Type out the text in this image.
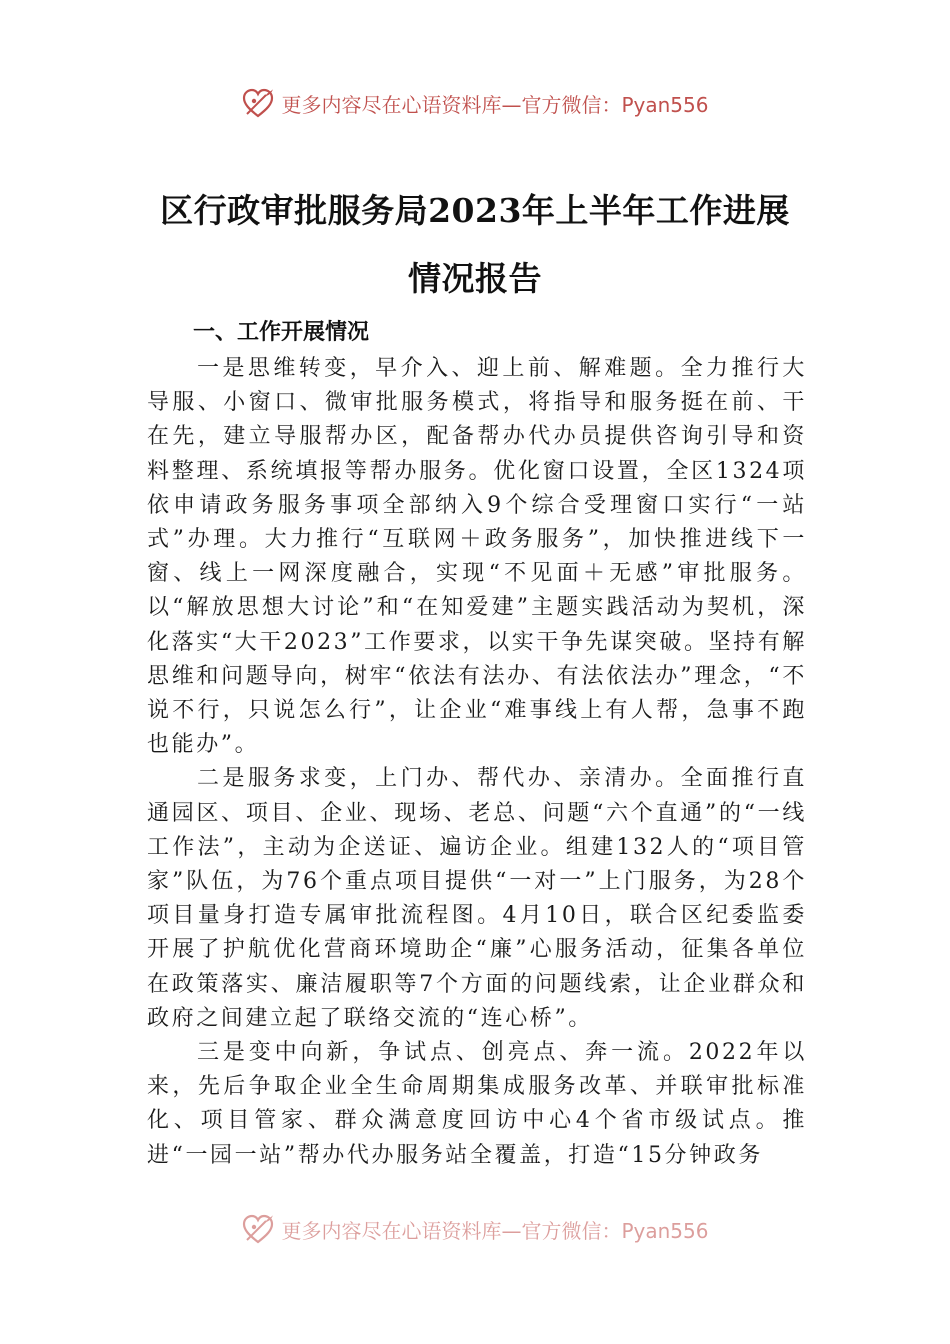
更多内容尽在心语资料库—官方微信：Pyan556
区行政审批服务局2023年上半年工作进展
情况报告
一、工作开展情况

一是思维转变，早介入、迎上前、解难题。全力推行大导服、小窗口、微审批服务模式，将指导和服务挺在前、干在先，建立导服帮办区，配备帮办代办员提供咨询引导和资料整理、系统填报等帮办服务。优化窗口设置，全区1324项依申请政务服务事项全部纳入9个综合受理窗口实行“一站式”办理。大力推行“互联网＋政务服务”，加快推进线下一窗、线上一网深度融合，实现“不见面＋无感”审批服务。以“解放思想大讨论”和“在知爱建”主题实践活动为契机，深化落实“大干2023”工作要求，以实干争先谋突破。坚持有解思维和问题导向，树牢“依法有法办、有法依法办”理念，“不说不行，只说怎么行”，让企业“难事线上有人帮，急事不跑也能办”。

二是服务求变，上门办、帮代办、亲清办。全面推行直通园区、项目、企业、现场、老总、问题“六个直通”的“一线工作法”，主动为企送证、遍访企业。组建132人的“项目管家”队伍，为76个重点项目提供“一对一”上门服务，为28个项目量身打造专属审批流程图。4月10日，联合区纪委监委开展了护航优化营商环境助企“廉”心服务活动，征集各单位在政策落实、廉洁履职等7个方面的问题线索，让企业群众和政府之间建立起了联络交流的“连心桥”。

三是变中向新，争试点、创亮点、奔一流。2022年以来，先后争取企业全生命周期集成服务改革、并联审批标准化、项目管家、群众满意度回访中心4个省市级试点。推进“一园一站”帮办代办服务站全覆盖，打造“15分钟政务

更多内容尽在心语资料库—官方微信：Pyan556
